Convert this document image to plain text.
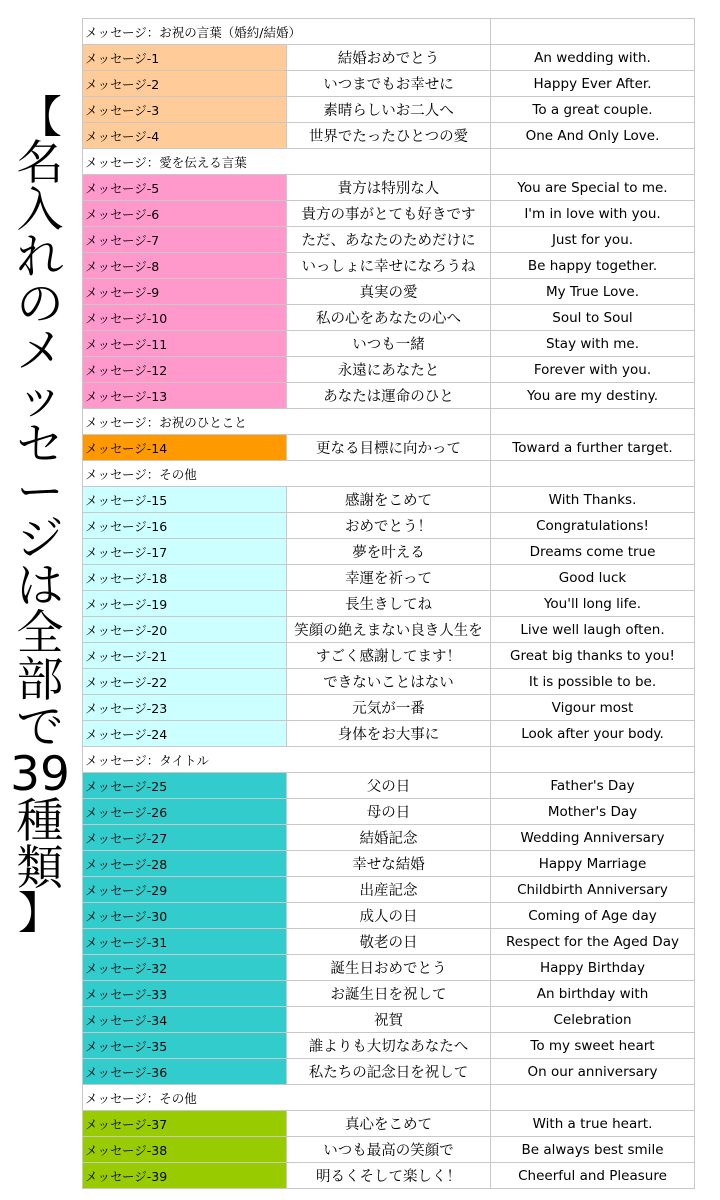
【
名
入
れ
の
メ
ッ
セ
ー
ジ
は
全
部
で
39
種
類
】
メッセージ：お祝の言葉（婚約/結婚）		
メッセージ-1	結婚おめでとう	An wedding with.
メッセージ-2	いつまでもお幸せに	Happy Ever After.
メッセージ-3	素晴らしいお二人へ	To a great couple.
メッセージ-4	世界でたったひとつの愛	One And Only Love.
メッセージ：愛を伝える言葉		
メッセージ-5	貴方は特別な人	You are Special to me.
メッセージ-6	貴方の事がとても好きです	I'm in love with you.
メッセージ-7	ただ、あなたのためだけに	Just for you.
メッセージ-8	いっしょに幸せになろうね	Be happy together.
メッセージ-9	真実の愛	My True Love.
メッセージ-10	私の心をあなたの心へ	Soul to Soul
メッセージ-11	いつも一緒	Stay with me.
メッセージ-12	永遠にあなたと	Forever with you.
メッセージ-13	あなたは運命のひと	You are my destiny.
メッセージ：お祝のひとこと		
メッセージ-14	更なる目標に向かって	Toward a further target.
メッセージ：その他		
メッセージ-15	感謝をこめて	With Thanks.
メッセージ-16	おめでとう！	Congratulations!
メッセージ-17	夢を叶える	Dreams come true
メッセージ-18	幸運を祈って	Good luck
メッセージ-19	長生きしてね	You'll long life.
メッセージ-20	笑顔の絶えまない良き人生を	Live well laugh often.
メッセージ-21	すごく感謝してます！	Great big thanks to you!
メッセージ-22	できないことはない	It is possible to be.
メッセージ-23	元気が一番	Vigour most
メッセージ-24	身体をお大事に	Look after your body.
メッセージ：タイトル		
メッセージ-25	父の日	Father's Day
メッセージ-26	母の日	Mother's Day
メッセージ-27	結婚記念	Wedding Anniversary
メッセージ-28	幸せな結婚	Happy Marriage
メッセージ-29	出産記念	Childbirth Anniversary
メッセージ-30	成人の日	Coming of Age day
メッセージ-31	敬老の日	Respect for the Aged Day
メッセージ-32	誕生日おめでとう	Happy Birthday
メッセージ-33	お誕生日を祝して	An birthday with
メッセージ-34	祝賀	Celebration
メッセージ-35	誰よりも大切なあなたへ	To my sweet heart
メッセージ-36	私たちの記念日を祝して	On our anniversary
メッセージ：その他		
メッセージ-37	真心をこめて	With a true heart.
メッセージ-38	いつも最高の笑顔で	Be always best smile
メッセージ-39	明るくそして楽しく！	Cheerful and Pleasure
